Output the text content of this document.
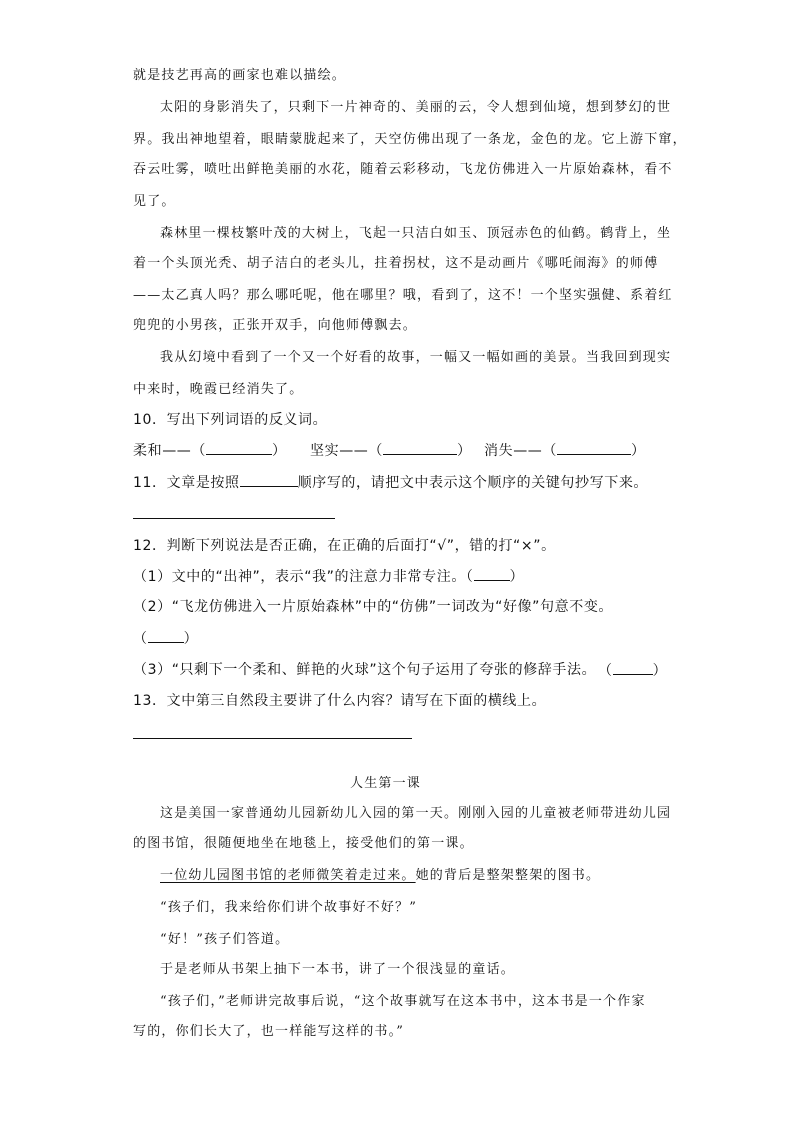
就是技艺再高的画家也难以描绘。
太阳的身影消失了，只剩下一片神奇的、美丽的云，令人想到仙境，想到梦幻的世
界。我出神地望着，眼睛蒙胧起来了，天空仿佛出现了一条龙，金色的龙。它上游下窜，
吞云吐雾，喷吐出鲜艳美丽的水花，随着云彩移动，飞龙仿佛进入一片原始森林，看不
见了。
森林里一棵枝繁叶茂的大树上，飞起一只洁白如玉、顶冠赤色的仙鹤。鹤背上，坐
着一个头顶光秃、胡子洁白的老头儿，拄着拐杖，这不是动画片《哪吒闹海》的师傅
——太乙真人吗？那么哪吒呢，他在哪里？哦，看到了，这不！一个坚实强健、系着红
兜兜的小男孩，正张开双手，向他师傅飘去。
我从幻境中看到了一个又一个好看的故事，一幅又一幅如画的美景。当我回到现实
中来时，晚霞已经消失了。
10．写出下列词语的反义词。
柔和——（	） 坚实——（	） 消失——（	）
11．文章是按照	顺序写的，请把文中表示这个顺序的关键句抄写下来。
12．判断下列说法是否正确，在正确的后面打“√”，错的打“×”。
（1）文中的“出神”，表示“我”的注意力非常专注。（	）
（2）“飞龙仿佛进入一片原始森林”中的“仿佛”一词改为“好像”句意不变。
（	）
（3）“只剩下一个柔和、鲜艳的火球”这个句子运用了夸张的修辞手法。 （	）
13．文中第三自然段主要讲了什么内容？请写在下面的横线上。
人生第一课
这是美国一家普通幼儿园新幼儿入园的第一天。刚刚入园的儿童被老师带进幼儿园
的图书馆，很随便地坐在地毯上，接受他们的第一课。
一位幼儿园图书馆的老师微笑着走过来。她的背后是整架整架的图书。
“孩子们，我来给你们讲个故事好不好？”
“好！”孩子们答道。
于是老师从书架上抽下一本书，讲了一个很浅显的童话。
“孩子们，”老师讲完故事后说，“这个故事就写在这本书中，这本书是一个作家
写的，你们长大了，也一样能写这样的书。”
